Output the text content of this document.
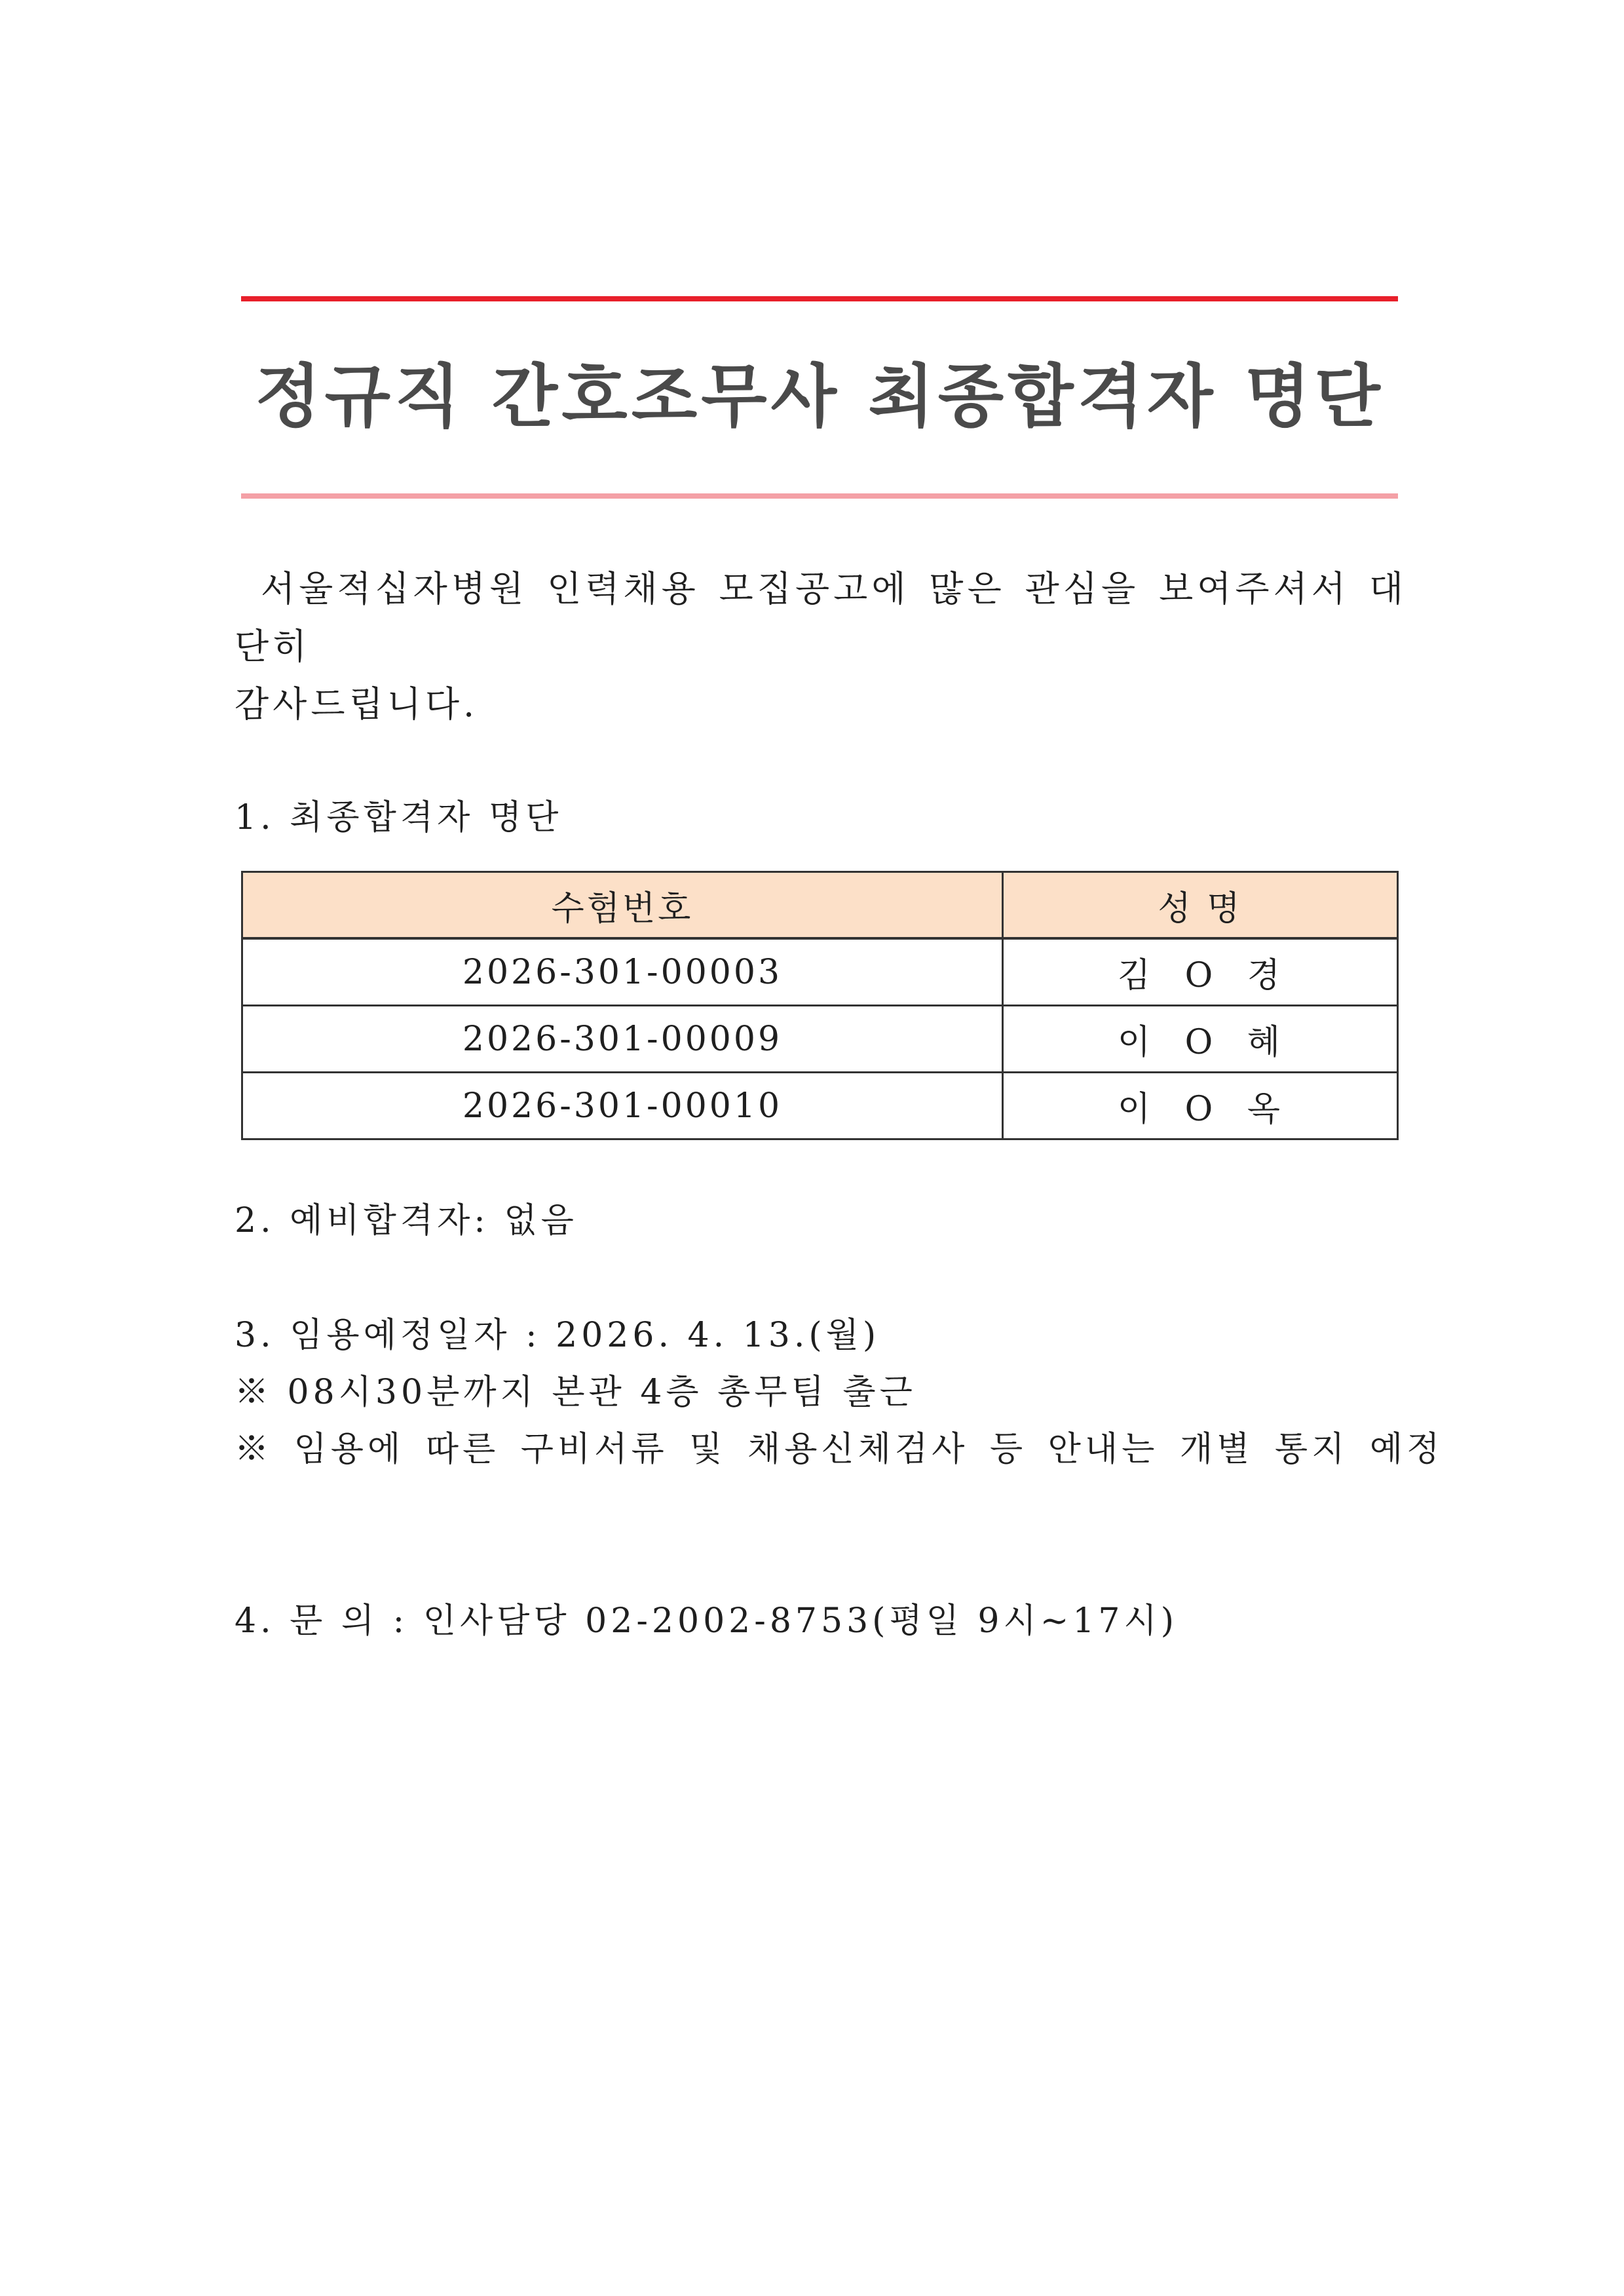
정규직 간호조무사 최종합격자 명단
서울적십자병원 인력채용 모집공고에 많은 관심을 보여주셔서 대단히
감사드립니다.
1. 최종합격자 명단
수험번호	성 명
2026-301-00003	김 O 경
2026-301-00009	이 O 혜
2026-301-00010	이 O 옥
2. 예비합격자: 없음
3. 임용예정일자 : 2026. 4. 13.(월)
※ 08시30분까지 본관 4층 총무팀 출근
※ 임용에 따른 구비서류 및 채용신체검사 등 안내는 개별 통지 예정
4. 문 의 : 인사담당 02-2002-8753(평일 9시~17시)
